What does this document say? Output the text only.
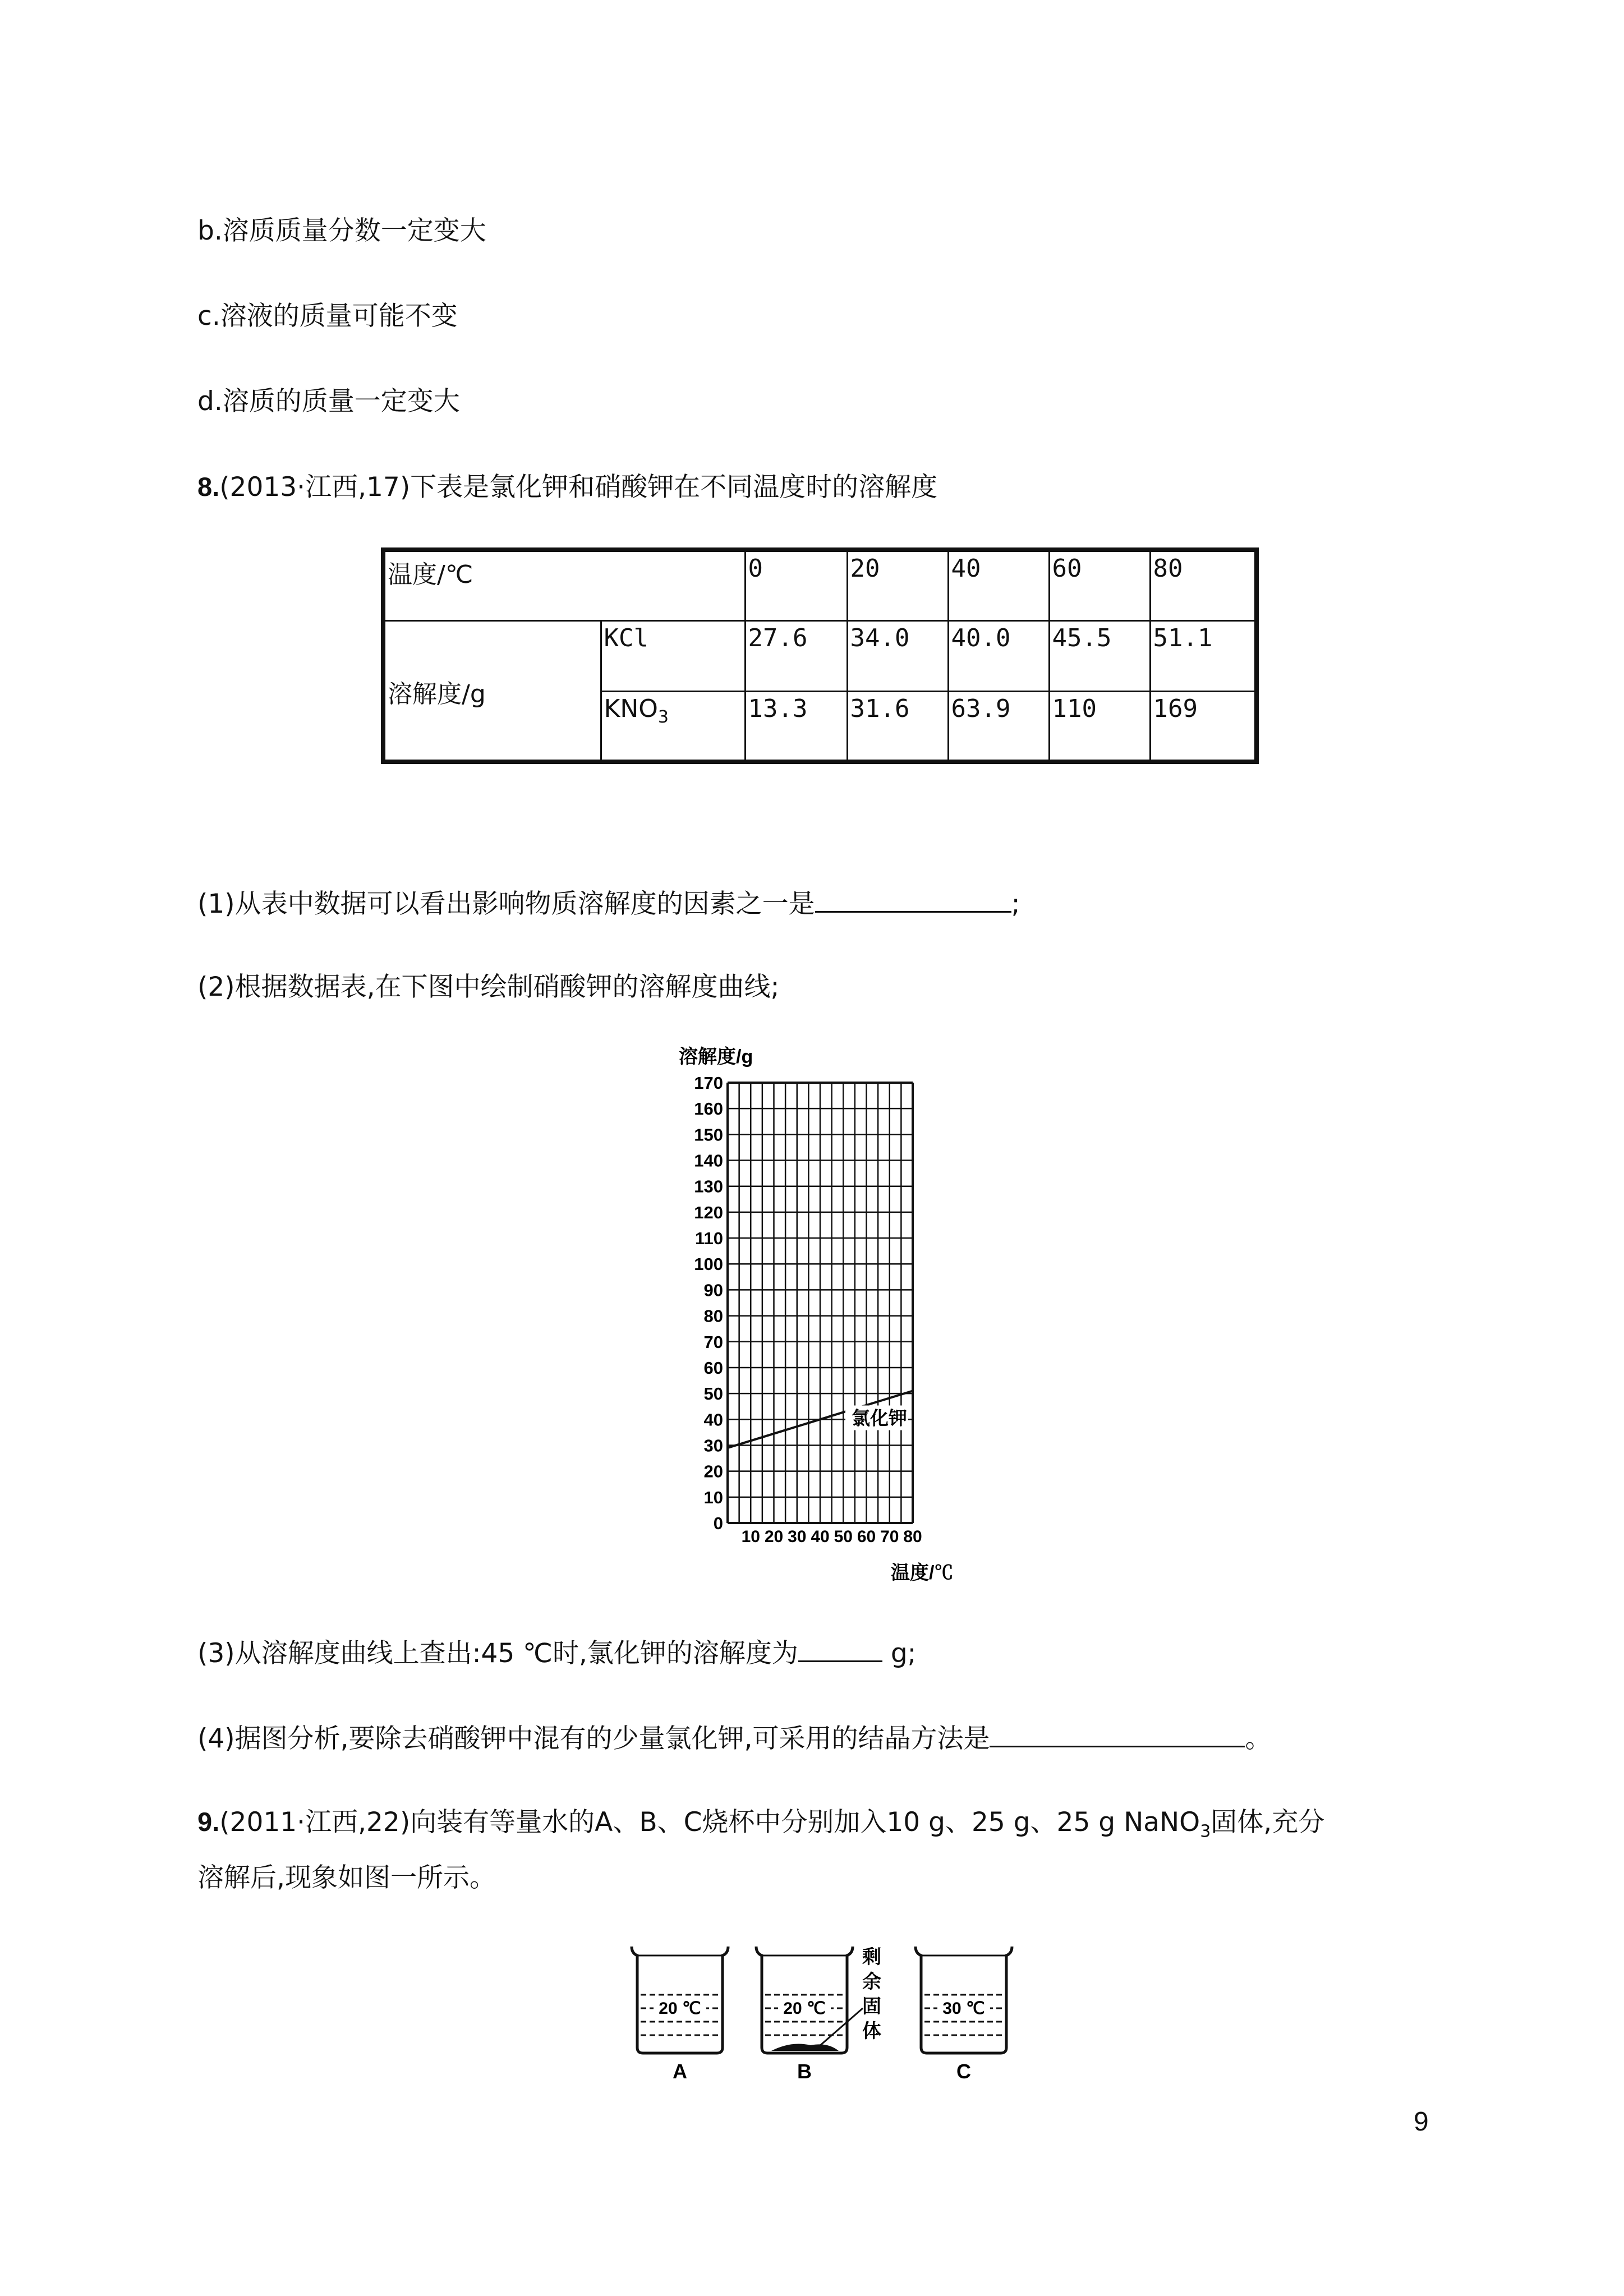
b.溶质质量分数一定变大
c.溶液的质量可能不变
d.溶质的质量一定变大
8.(2013·江西,17)下表是氯化钾和硝酸钾在不同温度时的溶解度
温度/℃		0	20	40	60	80
溶解度/g	KCl	27.6	34.0	40.0	45.5	51.1
	$KNO_3$	13.3	31.6	63.9	110	169
(1)从表中数据可以看出影响物质溶解度的因素之一是	;
(2)根据数据表,在下图中绘制硝酸钾的溶解度曲线;
溶解度/g
0
10
20
30
40
50
60
70
80
90
100
110
120
130
140
150
160
170
10 20 30 40 50 60 70 80
氯化钾
温度/℃
(3)从溶解度曲线上查出:45 ℃时,氯化钾的溶解度为	g;
(4)据图分析,要除去硝酸钾中混有的少量氯化钾,可采用的结晶方法是	。
9.(2011·江西,22)向装有等量水的A、B、C烧杯中分别加入10 g、25 g、25 g NaNO$_3$固体,充分
溶解后,现象如图一所示。
20 ℃
A
20 ℃
剩
余
固
体
B
30 ℃
C
9
